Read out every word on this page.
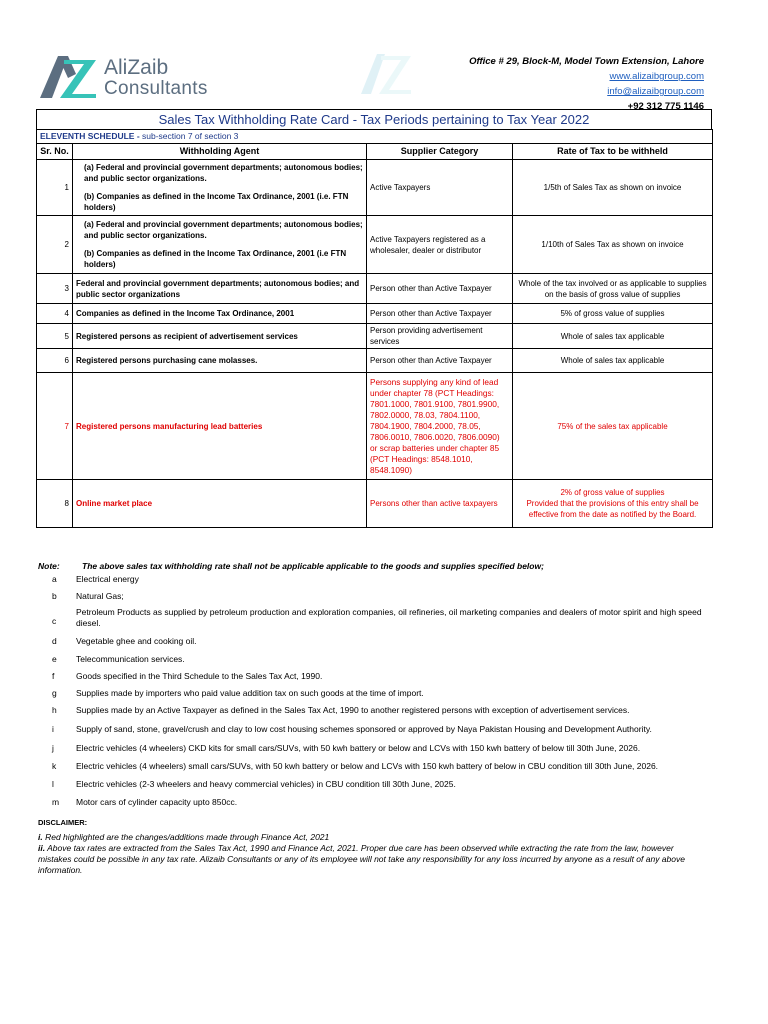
AliZaib
Consultants
Office # 29, Block-M, Model Town Extension, Lahore
www.alizaibgroup.com
info@alizaibgroup.com
+92 312 775 1146
Sales Tax Withholding Rate Card - Tax Periods pertaining to Tax Year 2022
ELEVENTH SCHEDULE - sub-section 7 of section 3			
Sr. No.	Withholding Agent	Supplier Category	Rate of Tax to be withheld
1	(a) Federal and provincial government departments; autonomous bodies; and public sector organizations.
(b) Companies as defined in the Income Tax Ordinance, 2001 (i.e. FTN holders)	Active Taxpayers	1/5th of Sales Tax as shown on invoice
2	(a) Federal and provincial government departments; autonomous bodies; and public sector organizations.
(b) Companies as defined in the Income Tax Ordinance, 2001 (i.e FTN holders)	Active Taxpayers registered as a wholesaler, dealer or distributor	1/10th of Sales Tax as shown on invoice
3	Federal and provincial government departments; autonomous bodies; and public sector organizations	Person other than Active Taxpayer	Whole of the tax involved or as applicable to supplies on the basis of gross value of supplies
4	Companies as defined in the Income Tax Ordinance, 2001	Person other than Active Taxpayer	5% of gross value of supplies
5	Registered persons as recipient of advertisement services	Person providing advertisement services	Whole of sales tax applicable
6	Registered persons purchasing cane molasses.	Person other than Active Taxpayer	Whole of sales tax applicable
7	Registered persons manufacturing lead batteries	Persons supplying any kind of lead under chapter 78 (PCT Headings: 7801.1000, 7801.9100, 7801.9900, 7802.0000, 78.03, 7804.1100, 7804.1900, 7804.2000, 78.05, 7806.0010, 7806.0020, 7806.0090) or scrap batteries under chapter 85 (PCT Headings: 8548.1010, 8548.1090)	75% of the sales tax applicable
8	Online market place	Persons other than active taxpayers	2% of gross value of supplies
Provided that the provisions of this entry shall be effective from the date as notified by the Board.
Note:	The above sales tax withholding rate shall not be applicable applicable to the goods and supplies specified below;
a	Electrical energy
b	Natural Gas;
c
Petroleum Products as supplied by petroleum production and exploration companies, oil refineries, oil marketing companies and dealers of motor spirit and high speed diesel.
d	Vegetable ghee and cooking oil.
e	Telecommunication services.
f	Goods specified in the Third Schedule to the Sales Tax Act, 1990.
g	Supplies made by importers who paid value addition tax on such goods at the time of import.
h	Supplies made by an Active Taxpayer as defined in the Sales Tax Act, 1990 to another registered persons with exception of advertisement services.
i	Supply of sand, stone, gravel/crush and clay to low cost housing schemes sponsored or approved by Naya Pakistan Housing and Development Authority.
j	Electric vehicles (4 wheelers) CKD kits for small cars/SUVs, with 50 kwh battery or below and LCVs with 150 kwh battery of below till 30th June, 2026.
k	Electric vehicles (4 wheelers) small cars/SUVs, with 50 kwh battery or below and LCVs with 150 kwh battery of below in CBU condition till 30th June, 2026.
l	Electric vehicles (2-3 wheelers and heavy commercial vehicles) in CBU condition till 30th June, 2025.
m	Motor cars of cylinder capacity upto 850cc.
DISCLAIMER:
i. Red highlighted are the changes/additions made through Finance Act, 2021
ii. Above tax rates are extracted from the Sales Tax Act, 1990 and Finance Act, 2021. Proper due care has been observed while extracting the rate from the law, however mistakes could be possible in any tax rate. Alizaib Consultants or any of its employee will not take any responsibility for any loss incurred by anyone as a result of any above information.
